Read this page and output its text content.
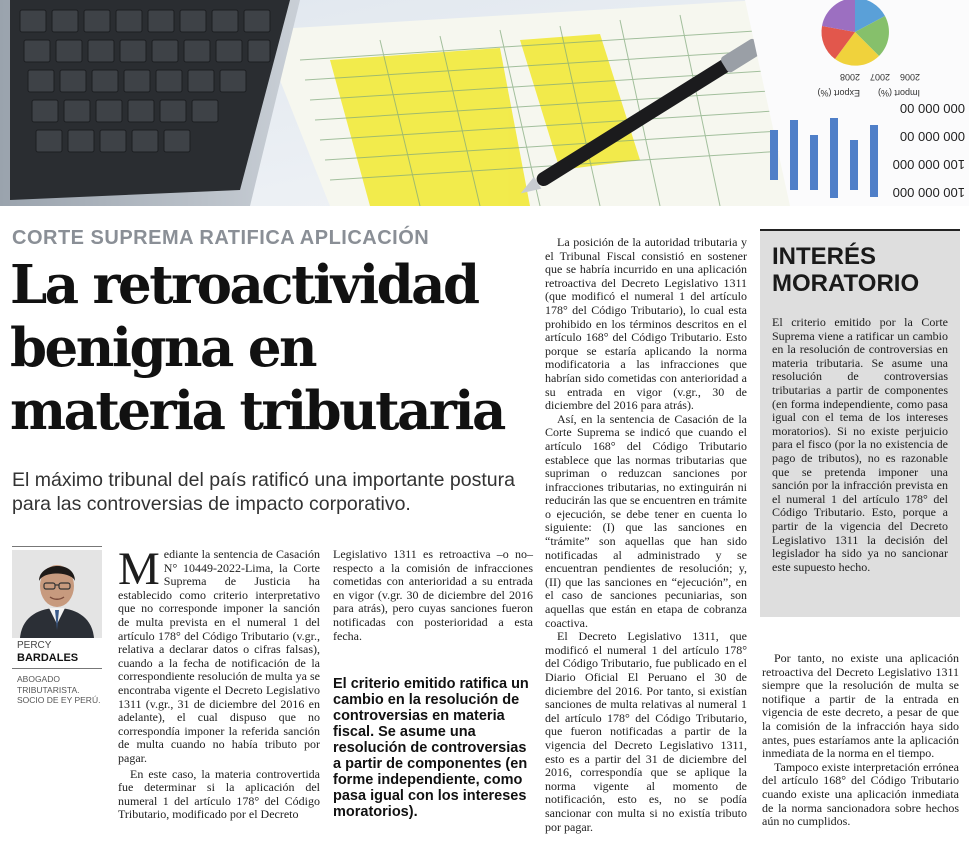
Import (%)
Export (%)
2006
2007
2008
100 000 000
100 000 000
000 000 00
000 000 00
CORTE SUPREMA RATIFICA APLICACIÓN
La retroactividad
benigna en
materia tributaria
El máximo tribunal del país ratificó una importante postura para las controversias de impacto corporativo.
PERCY
BARDALES
ABOGADO TRIBUTARISTA. SOCIO DE EY PERÚ.

Mediante la sentencia de Casación N° 10449-2022-Lima, la Corte Suprema de Justicia ha establecido como criterio interpretativo que no corresponde imponer la sanción de multa prevista en el numeral 1 del artículo 178° del Código Tributario (v.gr., relativa a declarar datos o cifras falsas), cuando a la fecha de notificación de la correspondiente resolución de multa ya se encontraba vigente el Decreto Legislativo 1311 (v.gr., 31 de diciembre del 2016 en adelante), el cual dispuso que no correspondía imponer la referida sanción de multa cuando no había tributo por pagar.

En este caso, la materia controvertida fue determinar si la aplicación del numeral 1 del artículo 178° del Código Tributario, modificado por el Decreto

Legislativo 1311 es retroactiva –o no– respecto a la comisión de infracciones cometidas con anterioridad a su entrada en vigor (v.gr. 30 de diciembre del 2016 para atrás), pero cuyas sanciones fueron notificadas con posterioridad a esta fecha.

El criterio emitido ratifica un cambio en la resolución de controversias en materia fiscal. Se asume una resolución de controversias a partir de componentes (en forme independiente, como pasa igual con los intereses moratorios).

La posición de la autoridad tributaria y el Tribunal Fiscal consistió en sostener que se habría incurrido en una aplicación retroactiva del Decreto Legislativo 1311 (que modificó el numeral 1 del artículo 178° del Código Tributario), lo cual esta prohibido en los términos descritos en el artículo 168° del Código Tributario. Esto porque se estaría aplicando la norma modificatoria a las infracciones que habrían sido cometidas con anterioridad a su entrada en vigor (v.gr., 30 de diciembre del 2016 para atrás).

Así, en la sentencia de Casación de la Corte Suprema se indicó que cuando el artículo 168° del Código Tributario establece que las normas tributarias que supriman o reduzcan sanciones por infracciones tributarias, no extinguirán ni reducirán las que se encuentren en trámite o ejecución, se debe tener en cuenta lo siguiente: (I) que las sanciones en “trámite” son aquellas que han sido notificadas al administrado y se encuentran pendientes de resolución; y, (II) que las sanciones en “ejecución”, en el caso de sanciones pecuniarias, son aquellas que están en etapa de cobranza coactiva.

El Decreto Legislativo 1311, que modificó el numeral 1 del artículo 178° del Código Tributario, fue publicado en el Diario Oficial El Peruano el 30 de diciembre del 2016. Por tanto, si existían sanciones de multa relativas al numeral 1 del artículo 178° del Código Tributario, que fueron notificadas a partir de la vigencia del Decreto Legislativo 1311, esto es a partir del 31 de diciembre del 2016, correspondía que se aplique la norma vigente al momento de notificación, esto es, no se podía sancionar con multa si no existía tributo por pagar.

Por tanto, no existe una aplicación retroactiva del Decreto Legislativo 1311 siempre que la resolución de multa se notifique a partir de la entrada en vigencia de este decreto, a pesar de que la comisión de la infracción haya sido antes, pues estaríamos ante la aplicación inmediata de la norma en el tiempo.

Tampoco existe interpretación errónea del artículo 168° del Código Tributario cuando existe una aplicación inmediata de la norma sancionadora sobre hechos aún no cumplidos.

INTERÉS MORATORIO
El criterio emitido por la Corte Suprema viene a ratificar un cambio en la resolución de controversias en materia tributaria. Se asume una resolución de controversias tributarias a partir de componentes (en forma independiente, como pasa igual con el tema de los intereses moratorios). Si no existe perjuicio para el fisco (por la no existencia de pago de tributos), no es razonable que se pretenda imponer una sanción por la infracción prevista en el numeral 1 del artículo 178° del Código Tributario. Esto, porque a partir de la vigencia del Decreto Legislativo 1311 la decisión del legislador ha sido ya no sancionar este supuesto hecho.
